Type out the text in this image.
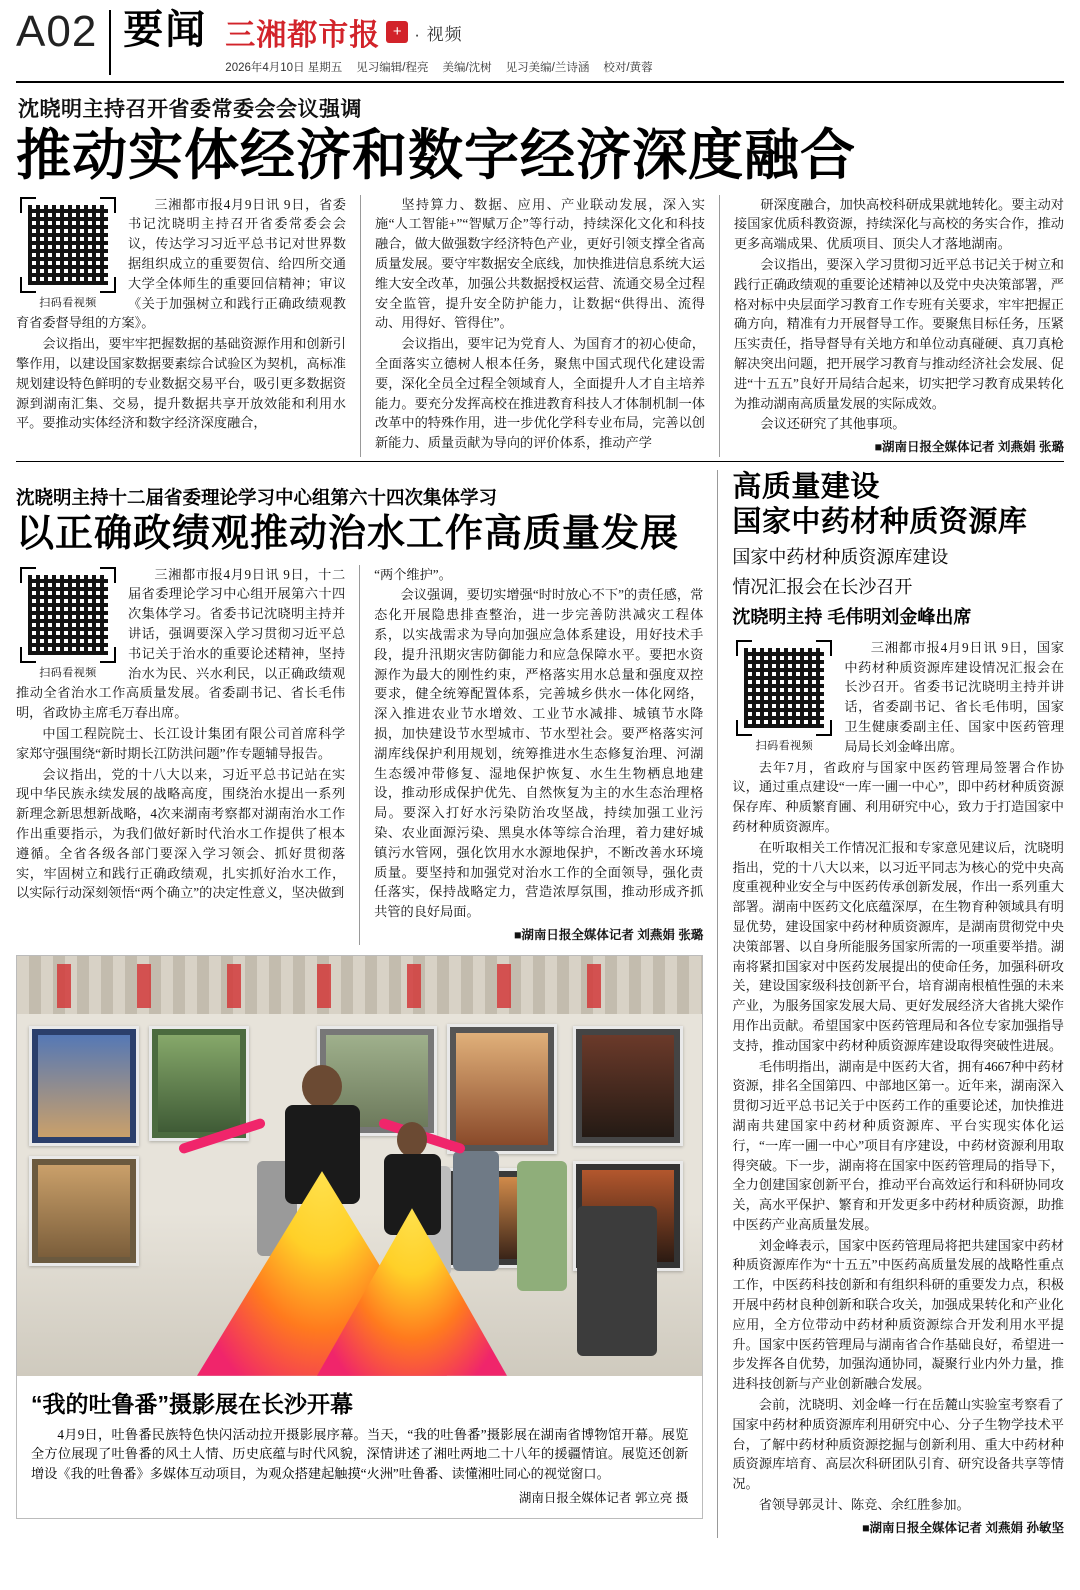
A02 要闻 三湘都市报 + · 视频
2026年4月10日 星期五 见习编辑/程亮 美编/沈树 见习美编/兰诗涵 校对/黄蓉
沈晓明主持召开省委常委会会议强调
推动实体经济和数字经济深度融合
扫码看视频

三湘都市报4月9日讯 9日，省委书记沈晓明主持召开省委常委会会议，传达学习习近平总书记对世界数据组织成立的重要贺信、给四所交通大学全体师生的重要回信精神；审议《关于加强树立和践行正确政绩观教育省委督导组的方案》。

会议指出，要牢牢把握数据的基础资源作用和创新引擎作用，以建设国家数据要素综合试验区为契机，高标准规划建设特色鲜明的专业数据交易平台，吸引更多数据资源到湖南汇集、交易，提升数据共享开放效能和利用水平。要推动实体经济和数字经济深度融合，

坚持算力、数据、应用、产业联动发展，深入实施“人工智能+”“智赋万企”等行动，持续深化文化和科技融合，做大做强数字经济特色产业，更好引领支撑全省高质量发展。要守牢数据安全底线，加快推进信息系统大运维大安全改革，加强公共数据授权运营、流通交易全过程安全监管，提升安全防护能力，让数据“供得出、流得动、用得好、管得住”。

会议指出，要牢记为党育人、为国育才的初心使命，全面落实立德树人根本任务，聚焦中国式现代化建设需要，深化全员全过程全领域育人，全面提升人才自主培养能力。要充分发挥高校在推进教育科技人才体制机制一体改革中的特殊作用，进一步优化学科专业布局，完善以创新能力、质量贡献为导向的评价体系，推动产学

研深度融合，加快高校科研成果就地转化。要主动对接国家优质科教资源，持续深化与高校的务实合作，推动更多高端成果、优质项目、顶尖人才落地湖南。

会议指出，要深入学习贯彻习近平总书记关于树立和践行正确政绩观的重要论述精神以及党中央决策部署，严格对标中央层面学习教育工作专班有关要求，牢牢把握正确方向，精准有力开展督导工作。要聚焦目标任务，压紧压实责任，指导督导有关地方和单位动真碰硬、真刀真枪解决突出问题，把开展学习教育与推动经济社会发展、促进“十五五”良好开局结合起来，切实把学习教育成果转化为推动湖南高质量发展的实际成效。

会议还研究了其他事项。

■湖南日报全媒体记者 刘燕娟 张璐
沈晓明主持十二届省委理论学习中心组第六十四次集体学习
以正确政绩观推动治水工作高质量发展
扫码看视频

三湘都市报4月9日讯 9日，十二届省委理论学习中心组开展第六十四次集体学习。省委书记沈晓明主持并讲话，强调要深入学习贯彻习近平总书记关于治水的重要论述精神，坚持治水为民、兴水利民，以正确政绩观推动全省治水工作高质量发展。省委副书记、省长毛伟明，省政协主席毛万春出席。

中国工程院院士、长江设计集团有限公司首席科学家郑守强围绕“新时期长江防洪问题”作专题辅导报告。

会议指出，党的十八大以来，习近平总书记站在实现中华民族永续发展的战略高度，围绕治水提出一系列新理念新思想新战略，4次来湖南考察都对湖南治水工作作出重要指示，为我们做好新时代治水工作提供了根本遵循。全省各级各部门要深入学习领会、抓好贯彻落实，牢固树立和践行正确政绩观，扎实抓好治水工作，以实际行动深刻领悟“两个确立”的决定性意义，坚决做到

“两个维护”。

会议强调，要切实增强“时时放心不下”的责任感，常态化开展隐患排查整治，进一步完善防洪减灾工程体系，以实战需求为导向加强应急体系建设，用好技术手段，提升汛期灾害防御能力和应急保障水平。要把水资源作为最大的刚性约束，严格落实用水总量和强度双控要求，健全统筹配置体系，完善城乡供水一体化网络，深入推进农业节水增效、工业节水减排、城镇节水降损，加快建设节水型城市、节水型社会。要严格落实河湖库线保护利用规划，统筹推进水生态修复治理、河湖生态缓冲带修复、湿地保护恢复、水生生物栖息地建设，推动形成保护优先、自然恢复为主的水生态治理格局。要深入打好水污染防治攻坚战，持续加强工业污染、农业面源污染、黑臭水体等综合治理，着力建好城镇污水管网，强化饮用水水源地保护，不断改善水环境质量。要坚持和加强党对治水工作的全面领导，强化责任落实，保持战略定力，营造浓厚氛围，推动形成齐抓共管的良好局面。

■湖南日报全媒体记者 刘燕娟 张璐
“我的吐鲁番”摄影展在长沙开幕

4月9日，吐鲁番民族特色快闪活动拉开摄影展序幕。当天，“我的吐鲁番”摄影展在湖南省博物馆开幕。展览全方位展现了吐鲁番的风土人情、历史底蕴与时代风貌，深情讲述了湘吐两地二十八年的援疆情谊。展览还创新增设《我的吐鲁番》多媒体互动项目，为观众搭建起触摸“火洲”吐鲁番、读懂湘吐同心的视觉窗口。

湖南日报全媒体记者 郭立亮 摄
高质量建设
国家中药材种质资源库
国家中药材种质资源库建设
情况汇报会在长沙召开
沈晓明主持 毛伟明刘金峰出席
扫码看视频

三湘都市报4月9日讯 9日，国家中药材种质资源库建设情况汇报会在长沙召开。省委书记沈晓明主持并讲话，省委副书记、省长毛伟明，国家卫生健康委副主任、国家中医药管理局局长刘金峰出席。

去年7月，省政府与国家中医药管理局签署合作协议，通过重点建设“一库一圃一中心”，即中药材种质资源保存库、种质繁育圃、利用研究中心，致力于打造国家中药材种质资源库。

在听取相关工作情况汇报和专家意见建议后，沈晓明指出，党的十八大以来，以习近平同志为核心的党中央高度重视种业安全与中医药传承创新发展，作出一系列重大部署。湖南中医药文化底蕴深厚，在生物育种领域具有明显优势，建设国家中药材种质资源库，是湖南贯彻党中央决策部署、以自身所能服务国家所需的一项重要举措。湖南将紧扣国家对中医药发展提出的使命任务，加强科研攻关，建设国家级科技创新平台，培育湖南根植性强的未来产业，为服务国家发展大局、更好发展经济大省挑大梁作用作出贡献。希望国家中医药管理局和各位专家加强指导支持，推动国家中药材种质资源库建设取得突破性进展。

毛伟明指出，湖南是中医药大省，拥有4667种中药材资源，排名全国第四、中部地区第一。近年来，湖南深入贯彻习近平总书记关于中医药工作的重要论述，加快推进湖南共建国家中药材种质资源库、平台实现实体化运行，“一库一圃一中心”项目有序建设，中药材资源利用取得突破。下一步，湖南将在国家中医药管理局的指导下，全力创建国家创新平台，推动平台高效运行和科研协同攻关，高水平保护、繁育和开发更多中药材种质资源，助推中医药产业高质量发展。

刘金峰表示，国家中医药管理局将把共建国家中药材种质资源库作为“十五五”中医药高质量发展的战略性重点工作，中医药科技创新和有组织科研的重要发力点，积极开展中药材良种创新和联合攻关，加强成果转化和产业化应用，全方位带动中药材种质资源综合开发利用水平提升。国家中医药管理局与湖南省合作基础良好，希望进一步发挥各自优势，加强沟通协同，凝聚行业内外力量，推进科技创新与产业创新融合发展。

会前，沈晓明、刘金峰一行在岳麓山实验室考察看了国家中药材种质资源库利用研究中心、分子生物学技术平台，了解中药材种质资源挖掘与创新利用、重大中药材种质资源库培育、高层次科研团队引育、研究设备共享等情况。

省领导郭灵计、陈竞、余红胜参加。

■湖南日报全媒体记者 刘燕娟 孙敏坚
